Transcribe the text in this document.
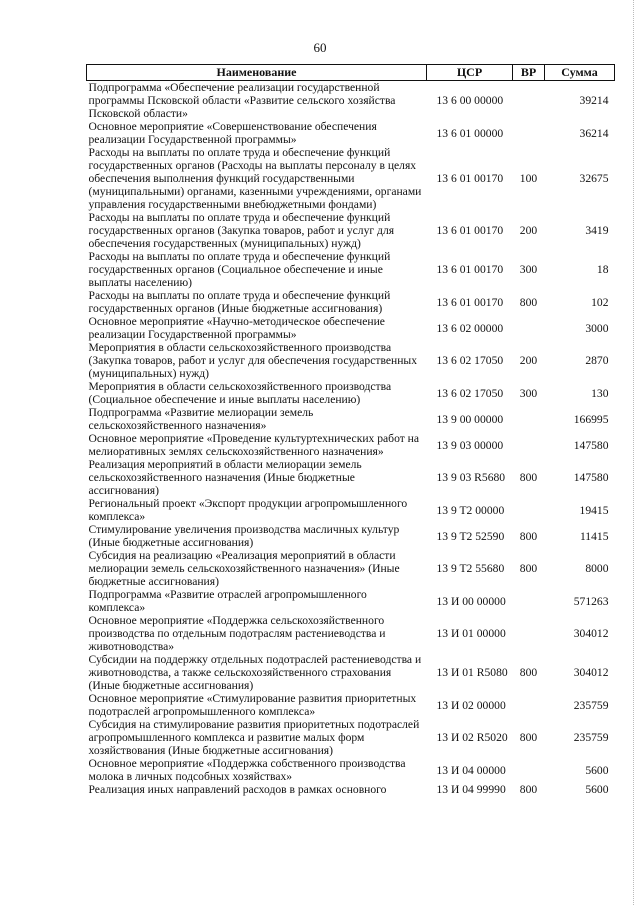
60
Наименование	ЦСР	ВР	Сумма
Подпрограмма «Обеспечение реализации государственной программы Псковской области «Развитие сельского хозяйства Псковской области»	13 6 00 00000		39214
Основное мероприятие «Совершенствование обеспечения реализации Государственной программы»	13 6 01 00000		36214
Расходы на выплаты по оплате труда и обеспечение функций государственных органов (Расходы на выплаты персоналу в целях обеспечения выполнения функций государственными (муниципальными) органами, казенными учреждениями, органами управления государственными внебюджетными фондами)	13 6 01 00170	100	32675
Расходы на выплаты по оплате труда и обеспечение функций государственных органов (Закупка товаров, работ и услуг для обеспечения государственных (муниципальных) нужд)	13 6 01 00170	200	3419
Расходы на выплаты по оплате труда и обеспечение функций государственных органов (Социальное обеспечение и иные выплаты населению)	13 6 01 00170	300	18
Расходы на выплаты по оплате труда и обеспечение функций государственных органов (Иные бюджетные ассигнования)	13 6 01 00170	800	102
Основное мероприятие «Научно-методическое обеспечение реализации Государственной программы»	13 6 02 00000		3000
Мероприятия в области сельскохозяйственного производства (Закупка товаров, работ и услуг для обеспечения государственных (муниципальных) нужд)	13 6 02 17050	200	2870
Мероприятия в области сельскохозяйственного производства (Социальное обеспечение и иные выплаты населению)	13 6 02 17050	300	130
Подпрограмма «Развитие мелиорации земель сельскохозяйственного назначения»	13 9 00 00000		166995
Основное мероприятие «Проведение культуртехнических работ на мелиоративных землях сельскохозяйственного назначения»	13 9 03 00000		147580
Реализация мероприятий в области мелиорации земель сельскохозяйственного назначения (Иные бюджетные ассигнования)	13 9 03 R5680	800	147580
Региональный проект «Экспорт продукции агропромышленного комплекса»	13 9 T2 00000		19415
Стимулирование увеличения производства масличных культур (Иные бюджетные ассигнования)	13 9 T2 52590	800	11415
Субсидия на реализацию «Реализация мероприятий в области мелиорации земель сельскохозяйственного назначения» (Иные бюджетные ассигнования)	13 9 T2 55680	800	8000
Подпрограмма «Развитие отраслей агропромышленного комплекса»	13 И 00 00000		571263
Основное мероприятие «Поддержка сельскохозяйственного производства по отдельным подотраслям растениеводства и животноводства»	13 И 01 00000		304012
Субсидии на поддержку отдельных подотраслей растениеводства и животноводства, а также сельскохозяйственного страхования (Иные бюджетные ассигнования)	13 И 01 R5080	800	304012
Основное мероприятие «Стимулирование развития приоритетных подотраслей агропромышленного комплекса»	13 И 02 00000		235759
Субсидия на стимулирование развития приоритетных подотраслей агропромышленного комплекса и развитие малых форм хозяйствования (Иные бюджетные ассигнования)	13 И 02 R5020	800	235759
Основное мероприятие «Поддержка собственного производства молока в личных подсобных хозяйствах»	13 И 04 00000		5600
Реализация иных направлений расходов в рамках основного	13 И 04 99990	800	5600
